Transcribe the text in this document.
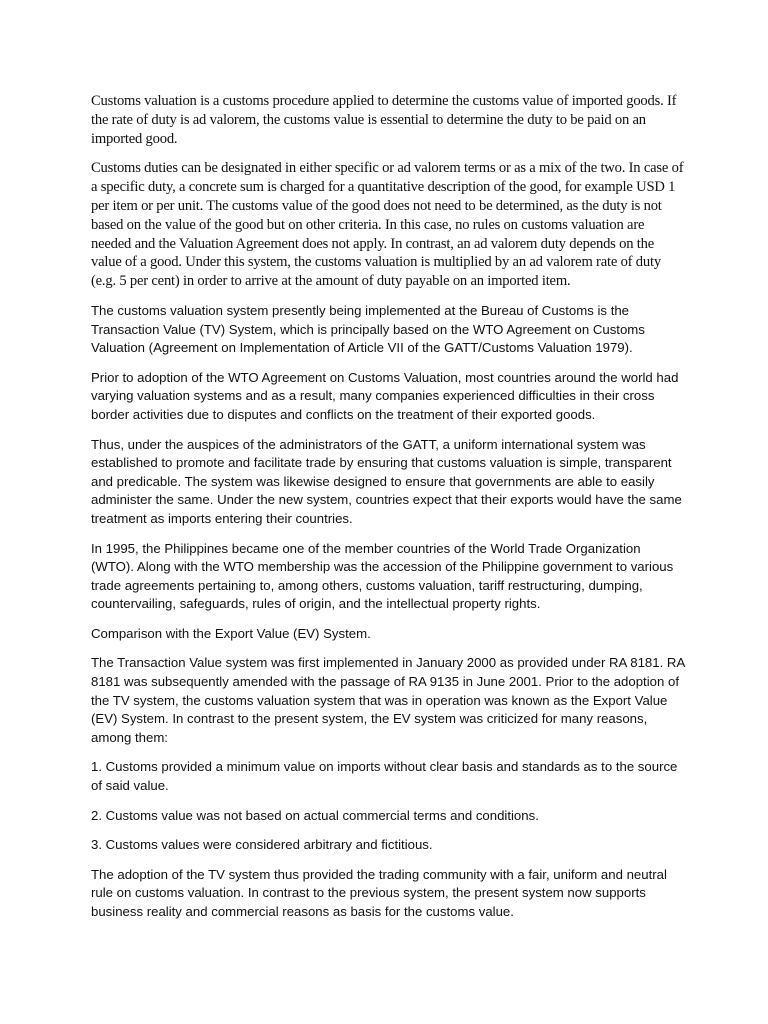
Customs valuation is a customs procedure applied to determine the customs value of imported goods. If the rate of duty is ad valorem, the customs value is essential to determine the duty to be paid on an imported good.

Customs duties can be designated in either specific or ad valorem terms or as a mix of the two. In case of a specific duty, a concrete sum is charged for a quantitative description of the good, for example USD 1 per item or per unit. The customs value of the good does not need to be determined, as the duty is not based on the value of the good but on other criteria. In this case, no rules on customs valuation are needed and the Valuation Agreement does not apply. In contrast, an ad valorem duty depends on the value of a good. Under this system, the customs valuation is multiplied by an ad valorem rate of duty (e.g. 5 per cent) in order to arrive at the amount of duty payable on an imported item.

The customs valuation system presently being implemented at the Bureau of Customs is the Transaction Value (TV) System, which is principally based on the WTO Agreement on Customs Valuation (Agreement on Implementation of Article VII of the GATT/Customs Valuation 1979).

Prior to adoption of the WTO Agreement on Customs Valuation, most countries around the world had varying valuation systems and as a result, many companies experienced difficulties in their cross border activities due to disputes and conflicts on the treatment of their exported goods.

Thus, under the auspices of the administrators of the GATT, a uniform international system was established to promote and facilitate trade by ensuring that customs valuation is simple, transparent and predicable. The system was likewise designed to ensure that governments are able to easily administer the same. Under the new system, countries expect that their exports would have the same treatment as imports entering their countries.

In 1995, the Philippines became one of the member countries of the World Trade Organization (WTO). Along with the WTO membership was the accession of the Philippine government to various trade agreements pertaining to, among others, customs valuation, tariff restructuring, dumping, countervailing, safeguards, rules of origin, and the intellectual property rights.

Comparison with the Export Value (EV) System.

The Transaction Value system was first implemented in January 2000 as provided under RA 8181. RA 8181 was subsequently amended with the passage of RA 9135 in June 2001. Prior to the adoption of the TV system, the customs valuation system that was in operation was known as the Export Value (EV) System. In contrast to the present system, the EV system was criticized for many reasons, among them:

1. Customs provided a minimum value on imports without clear basis and standards as to the source of said value.

2. Customs value was not based on actual commercial terms and conditions.

3. Customs values were considered arbitrary and fictitious.

The adoption of the TV system thus provided the trading community with a fair, uniform and neutral rule on customs valuation. In contrast to the previous system, the present system now supports business reality and commercial reasons as basis for the customs value.
